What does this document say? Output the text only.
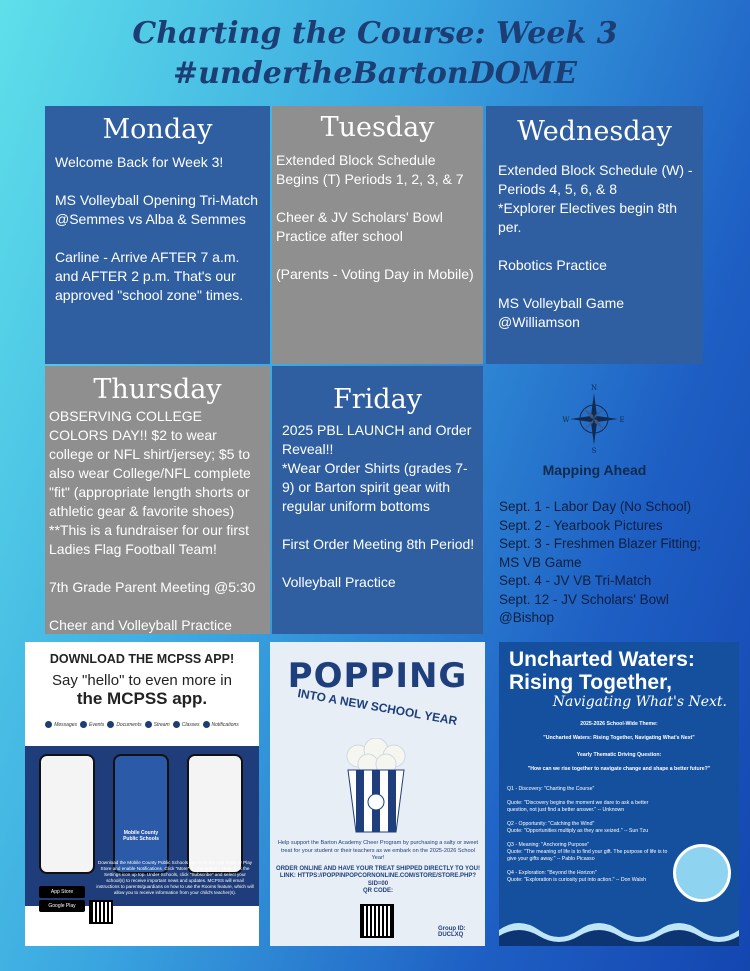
Charting the Course: Week 3
#undertheBartonDOME
Monday
Welcome Back for Week 3!

MS Volleyball Opening Tri-Match @Semmes vs Alba & Semmes

Carline - Arrive AFTER 7 a.m. and AFTER 2 p.m. That's our approved "school zone" times.
Tuesday
Extended Block Schedule
Begins (T) Periods 1, 2, 3, & 7

Cheer & JV Scholars' Bowl
Practice after school

(Parents - Voting Day in Mobile)
Wednesday
Extended Block Schedule (W) - Periods 4, 5, 6, & 8
*Explorer Electives begin 8th per.

Robotics Practice

MS Volleyball Game
@Williamson
Thursday
OBSERVING COLLEGE COLORS DAY!! $2 to wear college or NFL shirt/jersey; $5 to also wear College/NFL complete "fit" (appropriate length shorts or athletic gear & favorite shoes) **This is a fundraiser for our first Ladies Flag Football Team!

7th Grade Parent Meeting @5:30

Cheer and Volleyball Practice
Friday
2025 PBL LAUNCH and Order Reveal!!
*Wear Order Shirts (grades 7-9) or Barton spirit gear with regular uniform bottoms

First Order Meeting 8th Period!

Volleyball Practice
N
S
E
W
Mapping Ahead
Sept. 1 - Labor Day (No School)
Sept. 2 - Yearbook Pictures
Sept. 3 - Freshmen Blazer Fitting; MS VB Game
Sept. 4 - JV VB Tri-Match
Sept. 12 - JV Scholars' Bowl @Bishop
DOWNLOAD THE MCPSS APP!
Say "hello" to even more in
the MCPSS app.
Messages Events Documents Stream Classes Notifications
Mobile County Public Schools
App Store
Google Play
Download the Mobile County Public Schools app from the App Store or Play Store and enable Notifications. Click "More" on the bottom. Then click the Settings icon up top. Under Schools, click "Subscribe" and select your school(s) to receive important news and updates. MCPSS will email instructions to parents/guardians on how to use the Rooms feature, which will allow you to receive information from your child's teacher(s).
POPPING
INTO A NEW SCHOOL YEAR
Help support the Barton Academy Cheer Program by purchasing a salty or sweet treat for your student or their teachers as we embark on the 2025-2026 School Year!
ORDER ONLINE AND HAVE YOUR TREAT SHIPPED DIRECTLY TO YOU!
LINK: HTTPS://POPPINPOPCORNONLINE.COM/STORE/STORE.PHP?SID=00
QR CODE:
Group ID: DUCLXQ
Uncharted Waters:
Rising Together,
Navigating What's Next.

2025-2026 School-Wide Theme:

"Uncharted Waters: Rising Together, Navigating What's Next"

Yearly Thematic Driving Question:

"How can we rise together to navigate change and shape a better future?"

Q1 - Discovery: "Charting the Course"

Quote: "Discovery begins the moment we dare to ask a better question, not just find a better answer." -- Unknown

Q2 - Opportunity: "Catching the Wind"
Quote: "Opportunities multiply as they are seized." -- Sun Tzu

Q3 - Meaning: "Anchoring Purpose"
Quote: "The meaning of life is to find your gift. The purpose of life is to give your gifts away." -- Pablo Picasso

Q4 - Exploration: "Beyond the Horizon"
Quote: "Exploration is curiosity put into action." -- Don Walsh
